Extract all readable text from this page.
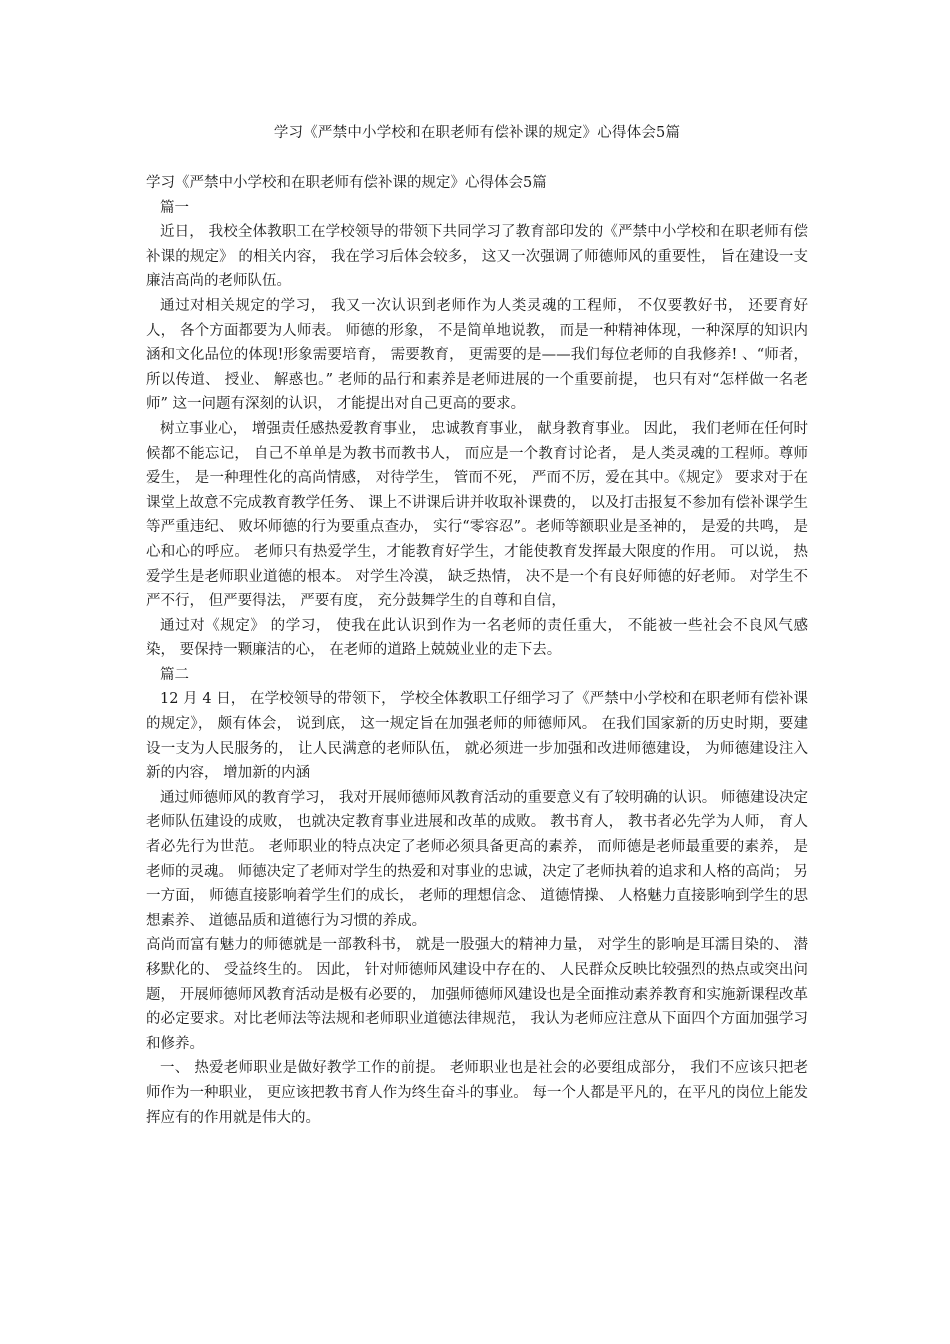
学习《严禁中小学校和在职老师有偿补课的规定》心得体会5篇

学习《严禁中小学校和在职老师有偿补课的规定》心得体会5篇

篇一

近日， 我校全体教职工在学校领导的带领下共同学习了教育部印发的《严禁中小学校和在职老师有偿补课的规定》 的相关内容， 我在学习后体会较多， 这又一次强调了师德师风的重要性， 旨在建设一支廉洁高尚的老师队伍。

通过对相关规定的学习， 我又一次认识到老师作为人类灵魂的工程师， 不仅要教好书， 还要育好人， 各个方面都要为人师表。 师德的形象， 不是简单地说教， 而是一种精神体现，一种深厚的知识内涵和文化品位的体现!形象需要培育， 需要教育， 更需要的是——我们每位老师的自我修养! 、“师者， 所以传道、 授业、 解惑也。” 老师的品行和素养是老师进展的一个重要前提， 也只有对“怎样做一名老师” 这一问题有深刻的认识， 才能提出对自己更高的要求。

树立事业心， 增强责任感热爱教育事业， 忠诚教育事业， 献身教育事业。 因此， 我们老师在任何时候都不能忘记， 自己不单单是为教书而教书人， 而应是一个教育讨论者， 是人类灵魂的工程师。尊师爱生， 是一种理性化的高尚情感， 对待学生， 管而不死， 严而不厉，爱在其中。《规定》 要求对于在课堂上故意不完成教育教学任务、 课上不讲课后讲并收取补课费的， 以及打击报复不参加有偿补课学生等严重违纪、 败坏师德的行为要重点查办， 实行“零容忍”。老师等额职业是圣神的， 是爱的共鸣， 是心和心的呼应。 老师只有热爱学生，才能教育好学生，才能使教育发挥最大限度的作用。 可以说， 热爱学生是老师职业道德的根本。 对学生冷漠， 缺乏热情， 决不是一个有良好师德的好老师。 对学生不严不行， 但严要得法， 严要有度， 充分鼓舞学生的自尊和自信，

通过对《规定》 的学习， 使我在此认识到作为一名老师的责任重大， 不能被一些社会不良风气感染， 要保持一颗廉洁的心， 在老师的道路上兢兢业业的走下去。

篇二

12 月 4 日， 在学校领导的带领下， 学校全体教职工仔细学习了《严禁中小学校和在职老师有偿补课的规定》， 颇有体会， 说到底， 这一规定旨在加强老师的师德师风。 在我们国家新的历史时期，要建设一支为人民服务的， 让人民满意的老师队伍， 就必须进一步加强和改进师德建设， 为师德建设注入新的内容， 增加新的内涵

通过师德师风的教育学习， 我对开展师德师风教育活动的重要意义有了较明确的认识。 师德建设决定老师队伍建设的成败， 也就决定教育事业进展和改革的成败。 教书育人， 教书者必先学为人师， 育人者必先行为世范。 老师职业的特点决定了老师必须具备更高的素养， 而师德是老师最重要的素养， 是老师的灵魂。 师德决定了老师对学生的热爱和对事业的忠诚，决定了老师执着的追求和人格的高尚； 另一方面， 师德直接影响着学生们的成长， 老师的理想信念、 道德情操、 人格魅力直接影响到学生的思想素养、 道德品质和道德行为习惯的养成。

高尚而富有魅力的师德就是一部教科书， 就是一股强大的精神力量， 对学生的影响是耳濡目染的、 潜移默化的、 受益终生的。 因此， 针对师德师风建设中存在的、 人民群众反映比较强烈的热点或突出问题， 开展师德师风教育活动是极有必要的， 加强师德师风建设也是全面推动素养教育和实施新课程改革的必定要求。对比老师法等法规和老师职业道德法律规范， 我认为老师应注意从下面四个方面加强学习和修养。

一、 热爱老师职业是做好教学工作的前提。 老师职业也是社会的必要组成部分， 我们不应该只把老师作为一种职业， 更应该把教书育人作为终生奋斗的事业。 每一个人都是平凡的，在平凡的岗位上能发挥应有的作用就是伟大的。
